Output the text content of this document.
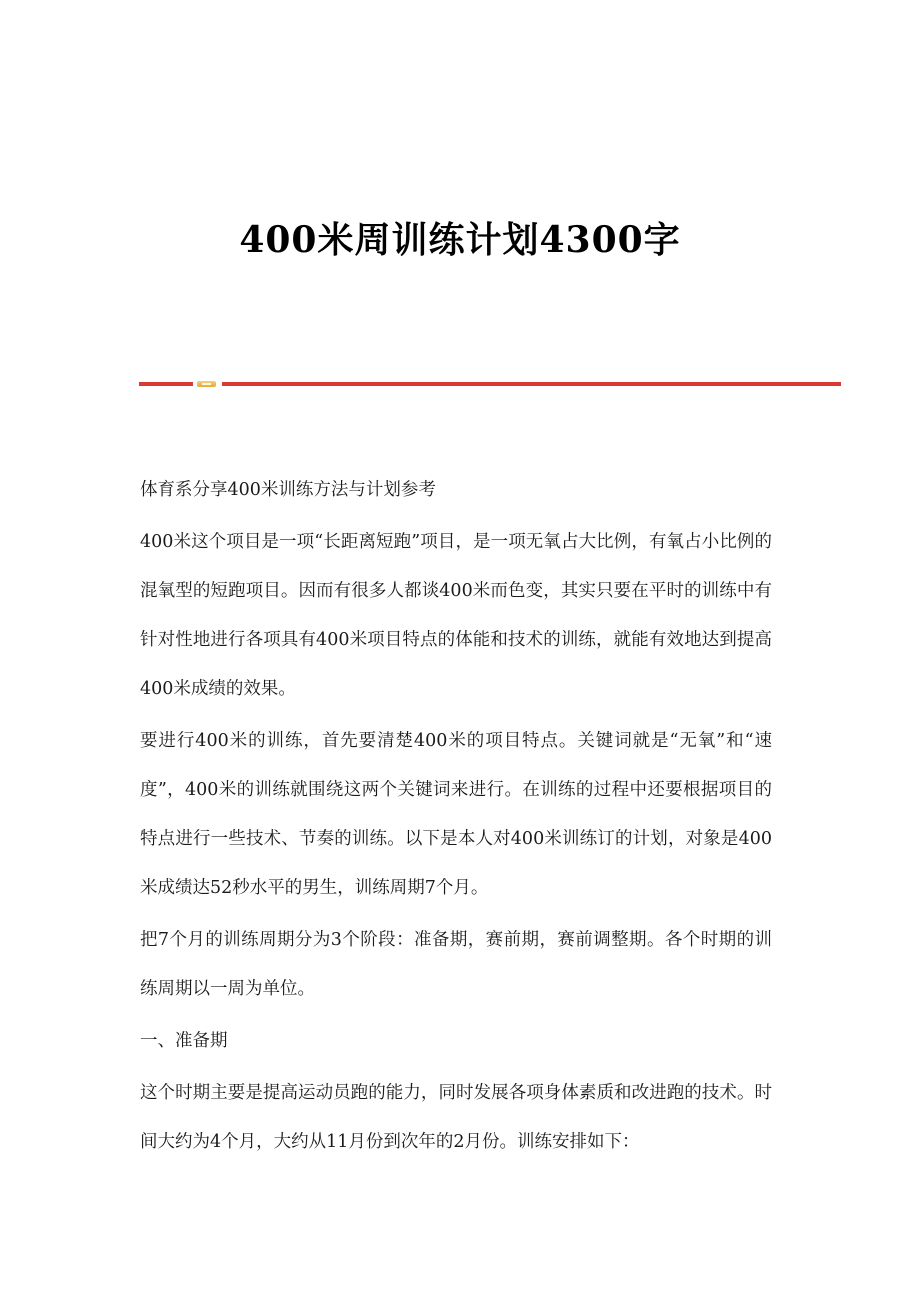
400米周训练计划4300字

体育系分享400米训练方法与计划参考

400米这个项目是一项“长距离短跑”项目，是一项无氧占大比例，有氧占小比例的混氧型的短跑项目。因而有很多人都谈400米而色变，其实只要在平时的训练中有针对性地进行各项具有400米项目特点的体能和技术的训练，就能有效地达到提高400米成绩的效果。

要进行400米的训练，首先要清楚400米的项目特点。关键词就是“无氧”和“速度”，400米的训练就围绕这两个关键词来进行。在训练的过程中还要根据项目的特点进行一些技术、节奏的训练。以下是本人对400米训练订的计划，对象是400米成绩达52秒水平的男生，训练周期7个月。

把7个月的训练周期分为3个阶段：准备期，赛前期，赛前调整期。各个时期的训练周期以一周为单位。

一、准备期

这个时期主要是提高运动员跑的能力，同时发展各项身体素质和改进跑的技术。时间大约为4个月，大约从11月份到次年的2月份。训练安排如下：
